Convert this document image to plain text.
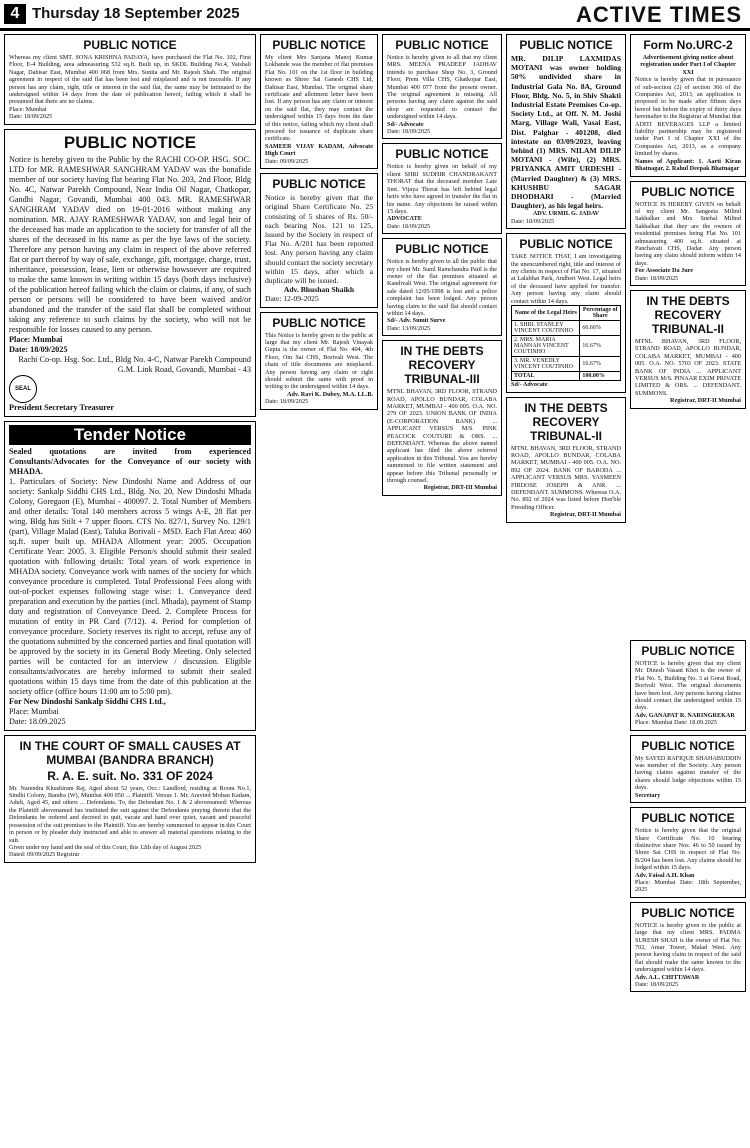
4 Thursday 18 September 2025	ACTIVE TIMES
PUBLIC NOTICE

Whereas my client SMT. SONA KRISHNA PADAYA, have purchased the Flat No. 102, First Floor, E-4 Building, area admeasuring 532 sq.ft. Built up, in SKDL Building No.4, Vaishali Nagar, Dahisar East, Mumbai 400 068 from Mrs. Sunita and Mr. Rajesh Shah. The original agreement in respect of the said flat has been lost and misplaced and is not traceable. If any person has any claim, right, title or interest in the said flat, the same may be intimated to the undersigned within 14 days from the date of publication hereof, failing which it shall be presumed that there are no claims.

Place: Mumbai

Date: 18/09/2025

PUBLIC NOTICE

Notice is hereby given to the Public by the RACHI CO-OP. HSG. SOC. LTD for MR. RAMESHWAR SANGHRAM YADAV was the bonafide member of our society having flat bearing Flat No. 203, 2nd Floor, Bldg No. 4C, Natwar Parekh Compound, Near India Oil Nagar, Chatkopar, Gandhi Nagar, Govandi, Mumbai 400 043. MR. RAMESHWAR SANGHRAM YADAV died on 19-01-2016 without making any nomination. MR. AJAY RAMESHWAR YADAV, son and legal heir of the deceased has made an application to the society for transfer of all the shares of the deceased in his name as per the bye laws of the society. Therefore any person having any claim in respect of the above referred flat or part thereof by way of sale, exchange, gift, mortgage, charge, trust, inheritance, possession, lease, lien or otherwise howsoever are required to make the same known in writing within 15 days (both days inclusive) of the publication hereof failing which the claim or claims, if any, of such person or persons will be considered to have been waived and/or abandoned and the transfer of the said flat shall be completed without taking any reference to such claims by the society, who will not be responsible for losses caused to any person.

Place: Mumbai

Date: 18/09/2025

Rachi Co-op. Hsg. Soc. Ltd., Bldg No. 4-C, Natwar Parekh Compound G.M. Link Road, Govandi, Mumbai - 43

SEAL

President Secretary Treasurer

Tender Notice

Sealed quotations are invited from experienced Consultants/Advocates for the Conveyance of our society with MHADA.

1. Particulars of Society: New Dindoshi Name and Address of our society: Sankalp Siddhi CHS Ltd., Bldg. No. 20, New Dindoshi Mhada Colony, Goregaon (E), Mumbai - 400097. 2. Total Number of Members and other details: Total 140 members across 5 wings A-E, 28 flat per wing. Bldg has Stilt + 7 upper floors. CTS No. 827/1, Survey No. 129/1 (part), Village Malad (East), Taluka Borivali - MSD. Each Flat Area: 460 sq.ft. super built up. MHADA Allotment year: 2005. Occupation Certificate Year: 2005. 3. Eligible Person/s should submit their sealed quotation with following details: Total years of work experience in MHADA society. Conveyance work with names of the society for which conveyance procedure is completed. Total Professional Fees along with out-of-pocket expenses following stage wise: 1. Conveyance deed preparation and execution by the parties (incl. Mhada), payment of Stamp duty and registration of Conveyance Deed. 2. Complete Process for mutation of entity in PR Card (7/12). 4. Period for completion of conveyance procedure. Society reserves its right to accept, refuse any of the quotations submitted by the concerned parties and final quotation will be approved by the society in its General Body Meeting. Only selected parties will be contacted for an interview / discussion. Eligible consultants/advocates are hereby informed to submit their sealed quotations within 15 days time from the date of this publication at the society office (office hours 11:00 am to 5:00 pm).

For New Dindoshi Sankalp Siddhi CHS Ltd.,

Place: Mumbai

Date: 18.09.2025

IN THE COURT OF SMALL CAUSES AT MUMBAI (BANDRA BRANCH)
R. A. E. suit. No. 331 OF 2024

Mr. Narendra Khushiram Raj, Aged about 52 years, Occ.: Landlord, residing at Room No.1, Sindhi Colony, Bandra (W), Mumbai 400 050 ... Plaintiff. Versus 1. Mr. Aravind Mohan Kadam, Adult, Aged 45, and others ... Defendants. To, the Defendant No. 1 & 2 abovenamed: Whereas the Plaintiff abovenamed has instituted the suit against the Defendants praying therein that the Defendants be ordered and decreed to quit, vacate and hand over quiet, vacant and peaceful possession of the suit premises to the Plaintiff. You are hereby summoned to appear in this Court in person or by pleader duly instructed and able to answer all material questions relating to the suit.

Given under my hand and the seal of this Court, this 12th day of August 2025

Dated: 09/09/2025 Registrar

PUBLIC NOTICE

My client Mrs Sanjana Manoj Kumar Lokhande was the member of flat premises Flat No. 101 on the 1st floor in building known as Shree Sai Ganesh CHS Ltd, Dahisar East, Mumbai. The original share certificate and allotment letter have been lost. If any person has any claim or interest on the said flat, they may contact the undersigned within 15 days from the date of this notice, failing which my client shall proceed for issuance of duplicate share certificate.

SAMEER VIJAY KADAM, Advocate High Court

Date: 09/09/2025

PUBLIC NOTICE

Notice is hereby given that the original Share Certificate No. 25 consisting of 5 shares of Rs. 50/- each bearing Nos. 121 to 125, issued by the Society in respect of Flat No. A/201 has been reported lost. Any person having any claim should contact the society secretary within 15 days, after which a duplicate will be issued.

Adv. Bhushan Shaikh

Date: 12-09-2025

PUBLIC NOTICE

This Notice is hereby given to the public at large that my client Mr. Rajesh Vinayak Gupta is the owner of Flat No. 404, 4th Floor, Om Sai CHS, Borivali West. The chain of title documents are misplaced. Any person having any claim or right should submit the same with proof in writing to the undersigned within 14 days.

Adv. Ravi K. Dubey, M.A. LL.B.

Date: 18/09/2025

PUBLIC NOTICE

Notice is hereby given to all that my client MRS. MEENA PRADEEP JADHAV intends to purchase Shop No. 3, Ground Floor, Prem Villa CHS, Ghatkopar East, Mumbai 400 077 from the present owner. The original agreement is missing. All persons having any claim against the said shop are requested to contact the undersigned within 14 days.

Sd/- Advocate

Date: 18/09/2025

PUBLIC NOTICE

Notice is hereby given on behalf of my client SHRI SUDHIR CHANDRAKANT THORAT that the deceased member Late Smt. Vijaya Thorat has left behind legal heirs who have agreed to transfer the flat in his name. Any objections be raised within 15 days.

ADVOCATE

Date: 18/09/2025

PUBLIC NOTICE

Notice is hereby given to all the public that my client Mr. Sunil Ramchandra Patil is the owner of the flat premises situated at Kandivali West. The original agreement for sale dated 12/05/1998 is lost and a police complaint has been lodged. Any person having claim to the said flat should contact within 14 days.

Sd/- Adv. Sumit Surve

Date: 13/09/2025

IN THE DEBTS RECOVERY TRIBUNAL-III

MTNL BHAVAN, 3RD FLOOR, STRAND ROAD, APOLLO BUNDAR, COLABA MARKET, MUMBAI - 400 005. O.A. NO. 279 OF 2023. UNION BANK OF INDIA (E-CORPORATION BANK) ... APPLICANT VERSUS M/S. PINK PEACOCK COUTURE & ORS. ... DEFENDANT. Whereas the above named applicant has filed the above referred application in this Tribunal. You are hereby summoned to file written statement and appear before this Tribunal personally or through counsel.

Registrar, DRT-III Mumbai

PUBLIC NOTICE

MR. DILIP LAXMIDAS MOTANI was owner holding 50% undivided share in Industrial Gala No. 8A, Ground Floor, Bldg. No. 5, in Shiv Shakti Industrial Estate Premises Co-op. Society Ltd., at Off. N. M. Joshi Marg, Village Wali, Vasai East, Dist. Palghar - 401208, died intestate on 03/09/2023, leaving behind (1) MRS. NILAM DILIP MOTANI - (Wife), (2) MRS. PRIYANKA AMIT URDESHI - (Married Daughter) & (3) MRS. KHUSHBU SAGAR DHODHARI - (Married Daughter), as his legal heirs.

ADV. URMIL G. JADAV

Date: 18/09/2025

PUBLIC NOTICE

TAKE NOTICE THAT, I am investigating the unencumbered right, title and interest of my clients in respect of Flat No. 17, situated at Lalubhai Park, Andheri West. Legal heirs of the deceased have applied for transfer. Any person having any claim should contact within 14 days.

Name of the Legal Heirs	Percentage of Share
1. SHRI. STANLEY VINCENT COUTINHO	66.66%
2. MRS. MARIA MANNAH VINCENT COUTINHO	16.67%
3. MR. VENEDLY VINCENT COUTINHO	16.67%
TOTAL	100.00%

Sd/- Advocate

IN THE DEBTS RECOVERY TRIBUNAL-II

MTNL BHAVAN, 3RD FLOOR, STRAND ROAD, APOLLO BUNDAR, COLABA MARKET, MUMBAI - 400 005. O.A. NO. 892 OF 2024. BANK OF BARODA ... APPLICANT VERSUS MRS. YASMEEN FIRDOSE JOSEPH & ANR. ... DEFENDANT. SUMMONS. Whereas O.A. No. 892 of 2024 was listed before Hon'ble Presiding Officer.

Registrar, DRT-II Mumbai

Form No.URC-2

Advertisement giving notice about registration under Part I of Chapter XXI

Notice is hereby given that in pursuance of sub-section (2) of section 366 of the Companies Act, 2013, an application is proposed to be made after fifteen days hereof but before the expiry of thirty days hereinafter to the Registrar at Mumbai that ADITI BEVERAGES LLP a limited liability partnership may be registered under Part I of Chapter XXI of the Companies Act, 2013, as a company limited by shares.

Names of Applicant: 1. Aarti Kiran Bhatnagar, 2. Rahul Deepak Bhatnagar

PUBLIC NOTICE

NOTICE IS HEREBY GIVEN on behalf of my client Mr. Sangeeta Milind Sakhalkar and Mrs. Snehal Milind Sakhalkar that they are the owners of residential premises being Flat No. 101 admeasuring 400 sq.ft. situated at Panchavati CHS, Dadar. Any person having any claim should inform within 14 days.

For Associate Da Jure

Date: 18/09/2025

IN THE DEBTS RECOVERY TRIBUNAL-II

MTNL BHAVAN, 3RD FLOOR, STRAND ROAD, APOLLO BUNDAR, COLABA MARKET, MUMBAI - 400 005. O.A. NO. 5703 OF 2023. STATE BANK OF INDIA ... APPLICANT VERSUS M/S. PINAAR EXIM PRIVATE LIMITED & ORS. ... DEFENDANT. SUMMONS.

Registrar, DRT-II Mumbai

PUBLIC NOTICE

NOTICE is hereby given that my client Mr. Dinesh Vasant Khot is the owner of Flat No. 5, Building No. 3 at Gorai Road, Borivali West. The original documents have been lost. Any persons having claims should contact the undersigned within 15 days.

Adv. GANAPAT R. NARINGREKAR

Place: Mumbai Date: 18.09.2025

PUBLIC NOTICE

My SAYED RAFIQUE SHAHABUDDIN was member of the Society. Any person having claims against transfer of the shares should lodge objections within 15 days.

Secretary

PUBLIC NOTICE

Notice is hereby given that the original Share Certificate No. 10 bearing distinctive share Nos. 46 to 50 issued by Shree Sai CHS in respect of Flat No. B/204 has been lost. Any claims should be lodged within 15 days.

Adv. Faisal A.H. Khan

Place: Mumbai Date: 18th September, 2025

PUBLIC NOTICE

NOTICE is hereby given to the public at large that my client MRS. PADMA SURESH SHAH is the owner of Flat No. 702, Amar Tower, Malad West. Any person having claim in respect of the said flat should make the same known to the undersigned within 14 days.

Adv. A.L. CHITTAWAR

Date: 18/09/2025
